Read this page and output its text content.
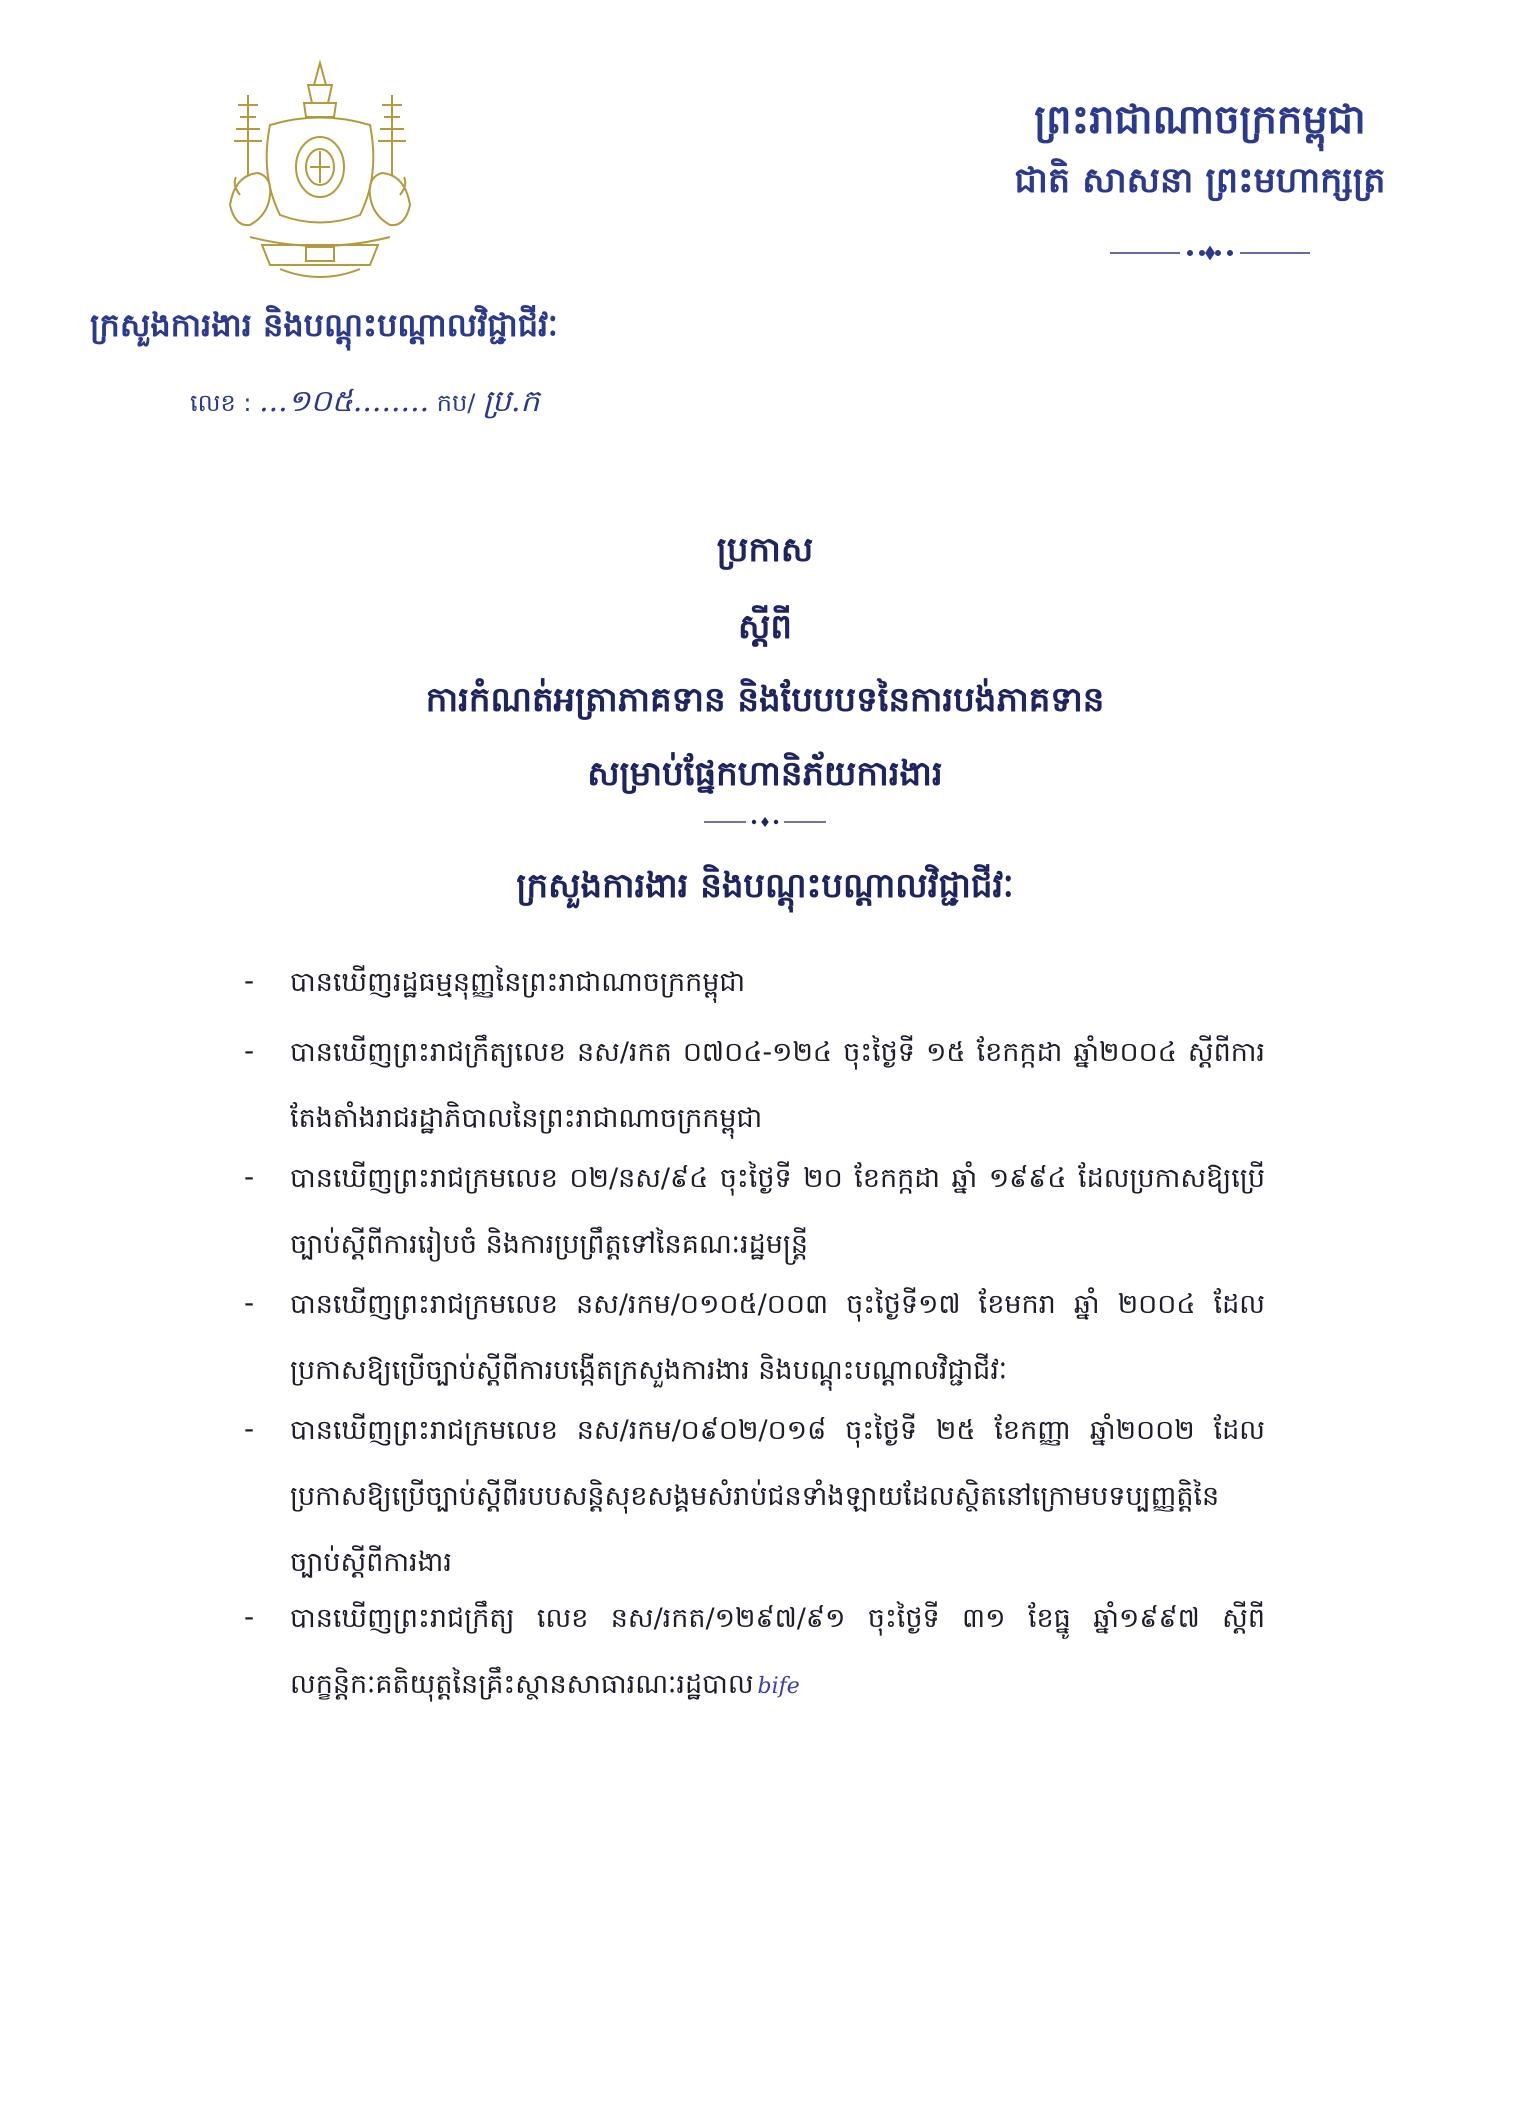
ព្រះរាជាណាចក្រកម្ពុជា
ជាតិ សាសនា ព្រះមហាក្សត្រ
ក្រសួងការងារ និងបណ្តុះបណ្តាលវិជ្ជាជីវៈ
លេខ : ...១០៥........ កប/ ប្រ.ក
ប្រកាស
ស្តីពី
ការកំណត់អត្រាភាគទាន និងបែបបទនៃការបង់ភាគទាន
សម្រាប់ផ្នែកហានិភ័យការងារ
ក្រសួងការងារ និងបណ្តុះបណ្តាលវិជ្ជាជីវៈ
- បានឃើញរដ្ឋធម្មនុញ្ញនៃព្រះរាជាណាចក្រកម្ពុជា
- បានឃើញព្រះរាជក្រឹត្យលេខ នស/រកត ០៧០៤-១២៤ ចុះថ្ងៃទី ១៥ ខែកក្កដា ឆ្នាំ២០០៤ ស្តីពីការតែងតាំងរាជរដ្ឋាភិបាលនៃព្រះរាជាណាចក្រកម្ពុជា
- បានឃើញព្រះរាជក្រមលេខ ០២/នស/៩៤ ចុះថ្ងៃទី ២០ ខែកក្កដា ឆ្នាំ ១៩៩៤ ដែលប្រកាសឱ្យប្រើច្បាប់ស្តីពីការរៀបចំ និងការប្រព្រឹត្តទៅនៃគណៈរដ្ឋមន្ត្រី
- បានឃើញព្រះរាជក្រមលេខ នស/រកម/០១០៥/០០៣ ចុះថ្ងៃទី១៧ ខែមករា ឆ្នាំ ២០០៤ ដែលប្រកាសឱ្យប្រើច្បាប់ស្តីពីការបង្កើតក្រសួងការងារ និងបណ្តុះបណ្តាលវិជ្ជាជីវៈ
- បានឃើញព្រះរាជក្រមលេខ នស/រកម/០៩០២/០១៨ ចុះថ្ងៃទី ២៥ ខែកញ្ញា ឆ្នាំ២០០២ ដែលប្រកាសឱ្យប្រើច្បាប់ស្តីពីរបបសន្តិសុខសង្គមសំរាប់ជនទាំងឡាយដែលស្ថិតនៅក្រោមបទប្បញ្ញត្តិនៃច្បាប់ស្តីពីការងារ
- បានឃើញព្រះរាជក្រឹត្យ លេខ នស/រកត/១២៩៧/៩១ ចុះថ្ងៃទី ៣១ ខែធ្នូ ឆ្នាំ១៩៩៧ ស្តីពីលក្ខន្តិកៈគតិយុត្តនៃគ្រឹះស្ថានសាធារណៈរដ្ឋបាល bife
